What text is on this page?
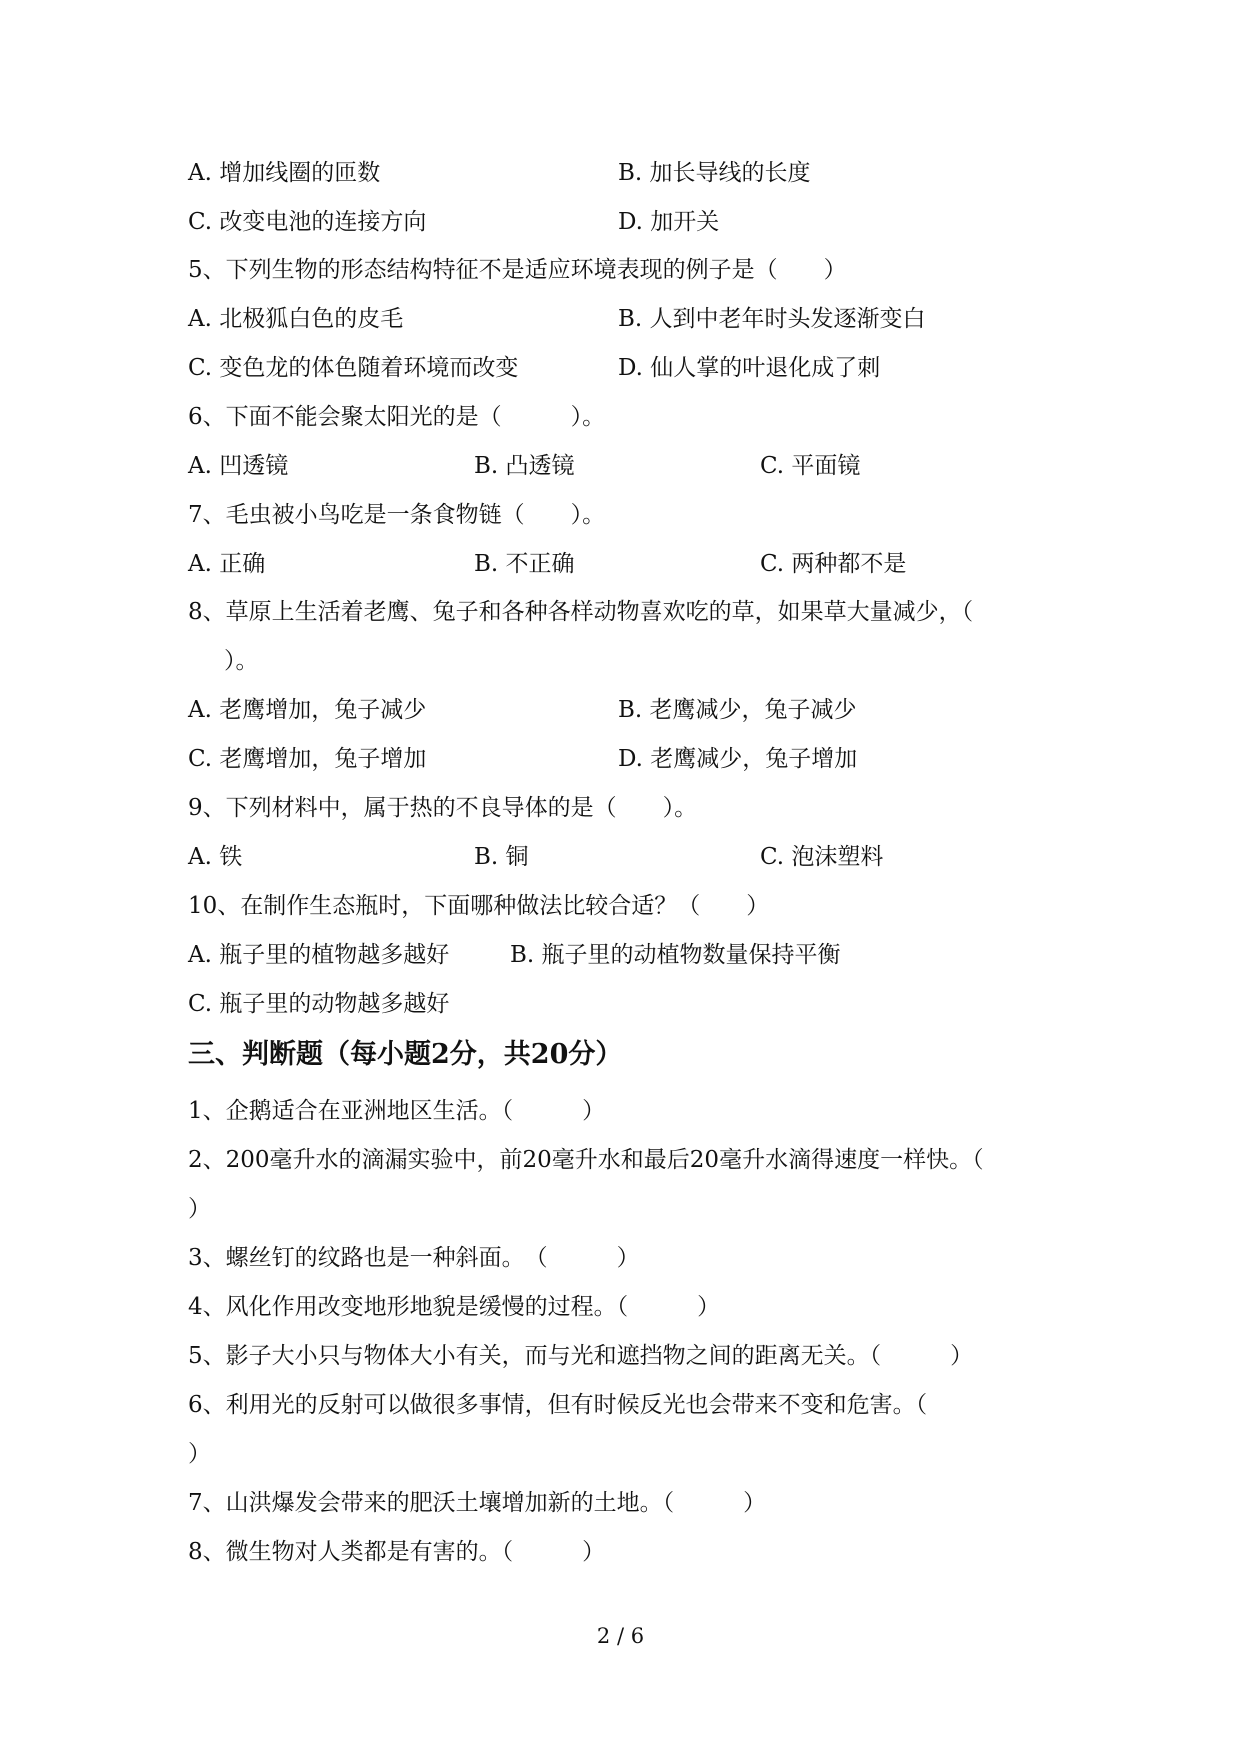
A. 增加线圈的匝数	B. 加长导线的长度
C. 改变电池的连接方向	D. 加开关
5、下列生物的形态结构特征不是适应环境表现的例子是（　　）
A. 北极狐白色的皮毛	B. 人到中老年时头发逐渐变白
C. 变色龙的体色随着环境而改变	D. 仙人掌的叶退化成了刺
6、下面不能会聚太阳光的是（　　　）。
A. 凹透镜	B. 凸透镜	C. 平面镜
7、毛虫被小鸟吃是一条食物链（　　）。
A. 正确	B. 不正确	C. 两种都不是
8、草原上生活着老鹰、兔子和各种各样动物喜欢吃的草，如果草大量减少，（
）。
A. 老鹰增加，兔子减少	B. 老鹰减少，兔子减少
C. 老鹰增加，兔子增加	D. 老鹰减少，兔子增加
9、下列材料中，属于热的不良导体的是（　　）。
A. 铁	B. 铜	C. 泡沫塑料
10、在制作生态瓶时，下面哪种做法比较合适？（　　）
A. 瓶子里的植物越多越好	B. 瓶子里的动植物数量保持平衡
C. 瓶子里的动物越多越好
三、判断题（每小题2分，共20分）
1、企鹅适合在亚洲地区生活。（　　　）
2、200毫升水的滴漏实验中，前20毫升水和最后20毫升水滴得速度一样快。（
）
3、螺丝钉的纹路也是一种斜面。　（　　　）
4、风化作用改变地形地貌是缓慢的过程。（　　　）
5、影子大小只与物体大小有关，而与光和遮挡物之间的距离无关。（　　　）
6、利用光的反射可以做很多事情，但有时候反光也会带来不变和危害。（
）
7、山洪爆发会带来的肥沃土壤增加新的土地。（　　　）
8、微生物对人类都是有害的。（　　　）
2 / 6
